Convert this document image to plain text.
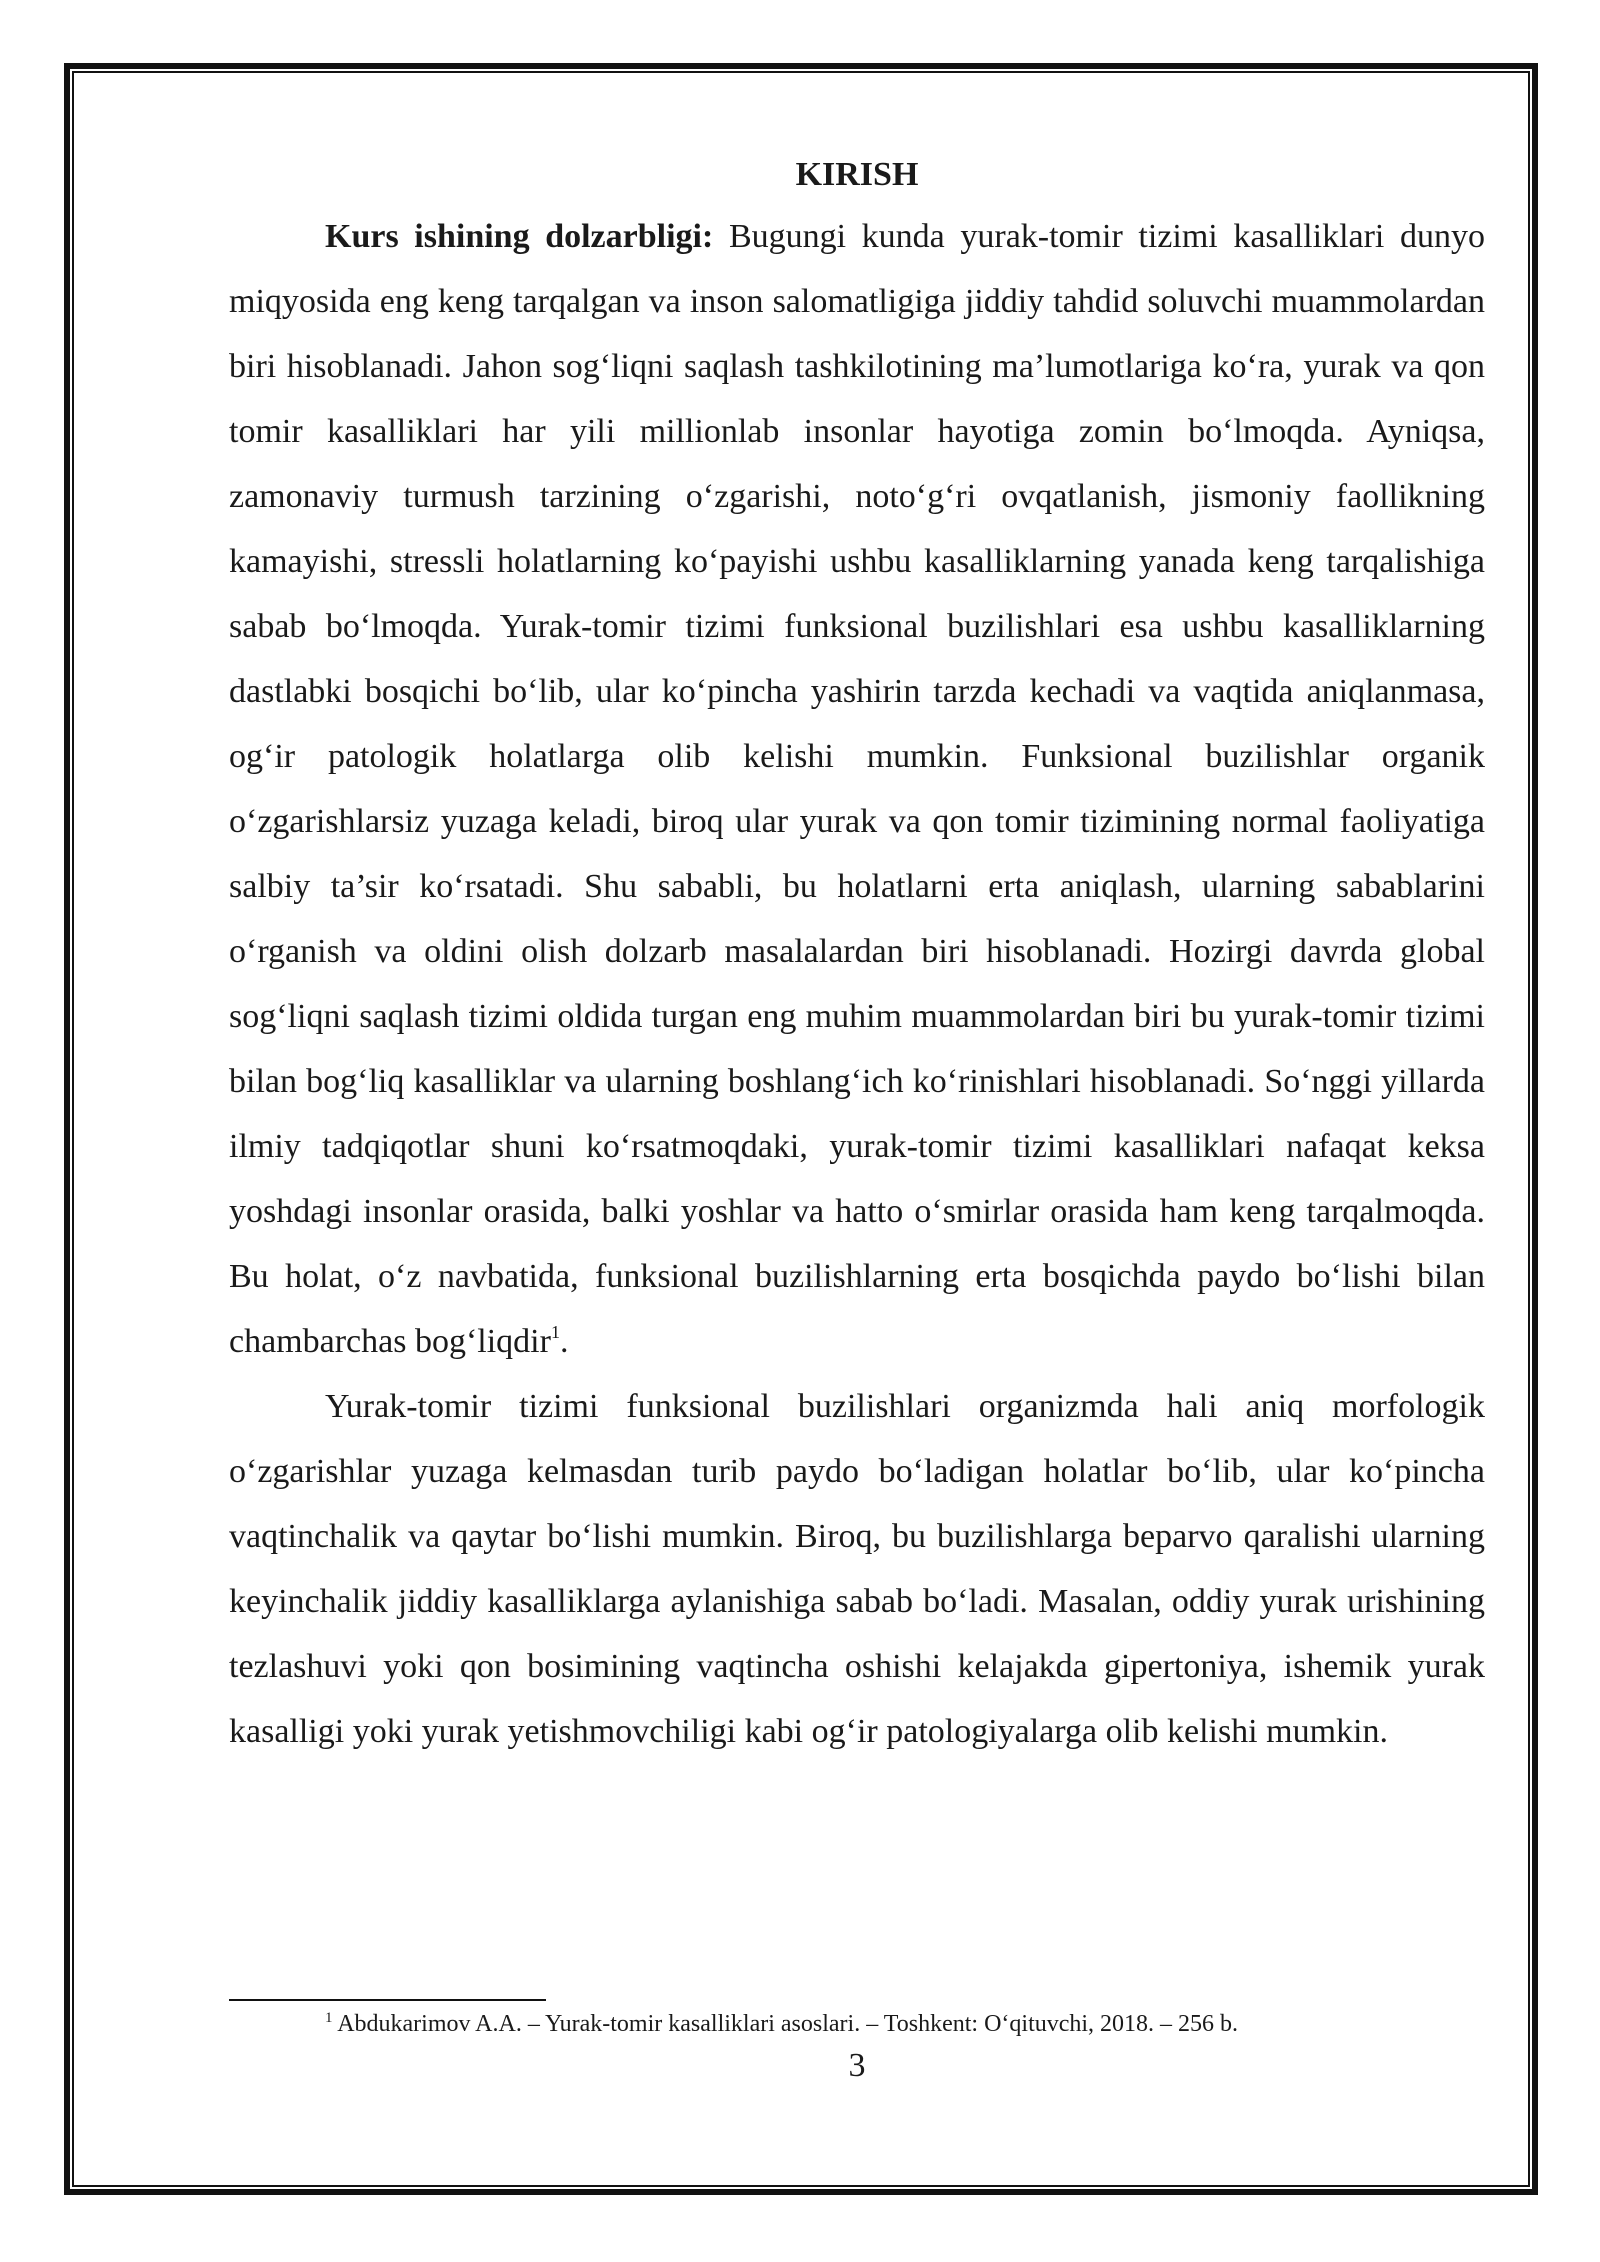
KIRISH

Kurs ishining dolzarbligi: Bugungi kunda yurak-tomir tizimi kasalliklari dunyo miqyosida eng keng tarqalgan va inson salomatligiga jiddiy tahdid soluvchi muammolardan biri hisoblanadi. Jahon sog‘liqni saqlash tashkilotining ma’lumotlariga ko‘ra, yurak va qon tomir kasalliklari har yili millionlab insonlar hayotiga zomin bo‘lmoqda. Ayniqsa, zamonaviy turmush tarzining o‘zgarishi, noto‘g‘ri ovqatlanish, jismoniy faollikning kamayishi, stressli holatlarning ko‘payishi ushbu kasalliklarning yanada keng tarqalishiga sabab bo‘lmoqda. Yurak-tomir tizimi funksional buzilishlari esa ushbu kasalliklarning dastlabki bosqichi bo‘lib, ular ko‘pincha yashirin tarzda kechadi va vaqtida aniqlanmasa, og‘ir patologik holatlarga olib kelishi mumkin. Funksional buzilishlar organik o‘zgarishlarsiz yuzaga keladi, biroq ular yurak va qon tomir tizimining normal faoliyatiga salbiy ta’sir ko‘rsatadi. Shu sababli, bu holatlarni erta aniqlash, ularning sabablarini o‘rganish va oldini olish dolzarb masalalardan biri hisoblanadi. Hozirgi davrda global sog‘liqni saqlash tizimi oldida turgan eng muhim muammolardan biri bu yurak-tomir tizimi bilan bog‘liq kasalliklar va ularning boshlang‘ich ko‘rinishlari hisoblanadi. So‘nggi yillarda ilmiy tadqiqotlar shuni ko‘rsatmoqdaki, yurak-tomir tizimi kasalliklari nafaqat keksa yoshdagi insonlar orasida, balki yoshlar va hatto o‘smirlar orasida ham keng tarqalmoqda. Bu holat, o‘z navbatida, funksional buzilishlarning erta bosqichda paydo bo‘lishi bilan chambarchas bog‘liqdir$^1$.

Yurak-tomir tizimi funksional buzilishlari organizmda hali aniq morfologik o‘zgarishlar yuzaga kelmasdan turib paydo bo‘ladigan holatlar bo‘lib, ular ko‘pincha vaqtinchalik va qaytar bo‘lishi mumkin. Biroq, bu buzilishlarga beparvo qaralishi ularning keyinchalik jiddiy kasalliklarga aylanishiga sabab bo‘ladi. Masalan, oddiy yurak urishining tezlashuvi yoki qon bosimining vaqtincha oshishi kelajakda gipertoniya, ishemik yurak kasalligi yoki yurak yetishmovchiligi kabi og‘ir patologiyalarga olib kelishi mumkin.

$^1$ Abdukarimov A.A. – Yurak-tomir kasalliklari asoslari. – Toshkent: O‘qituvchi, 2018. – 256 b.
3
